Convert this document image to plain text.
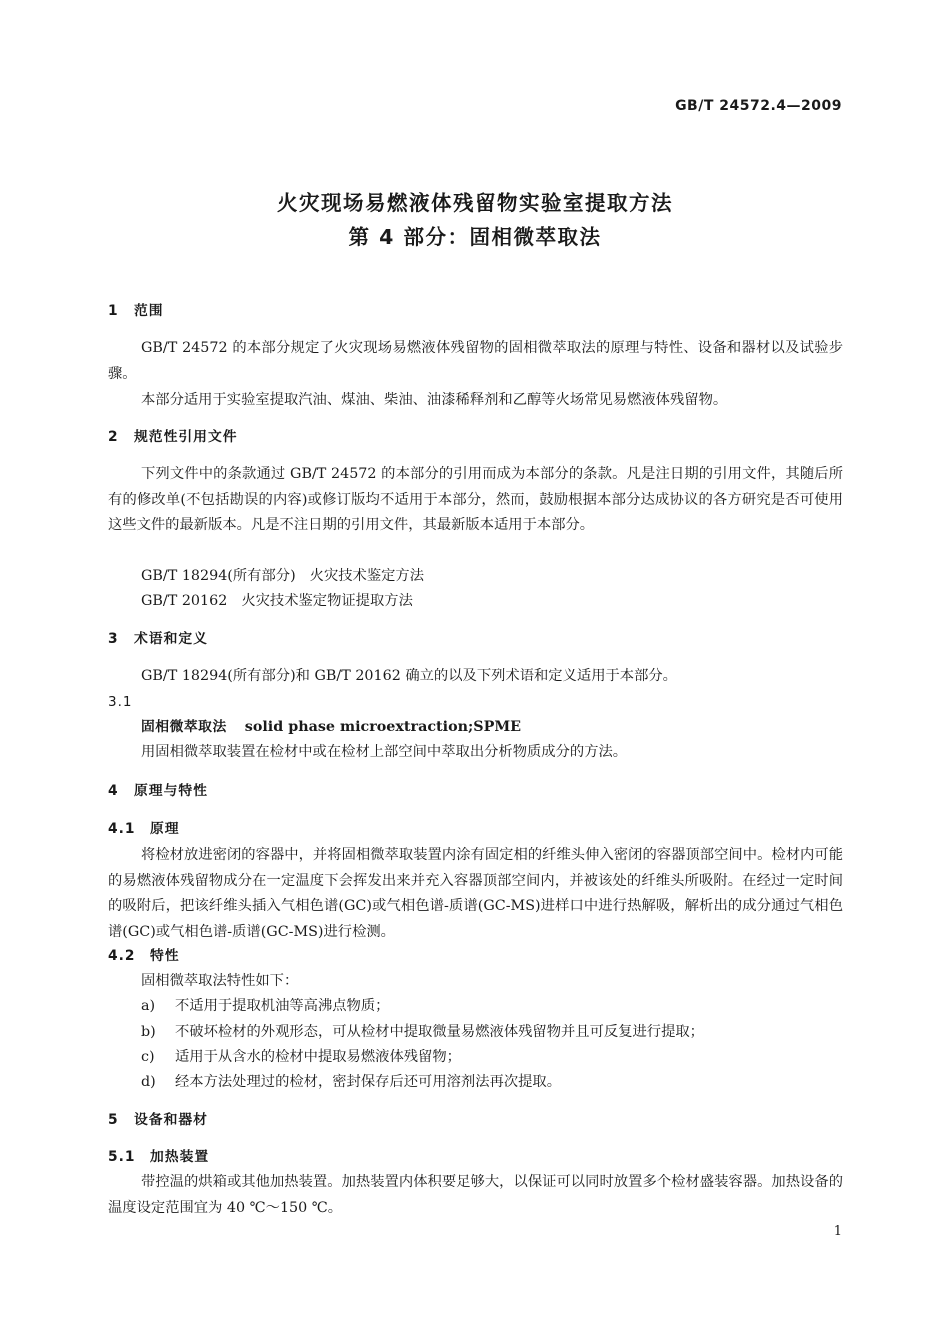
GB/T 24572.4—2009
火灾现场易燃液体残留物实验室提取方法
第 4 部分：固相微萃取法
1 范围
GB/T 24572 的本部分规定了火灾现场易燃液体残留物的固相微萃取法的原理与特性、设备和器材以及试验步骤。
本部分适用于实验室提取汽油、煤油、柴油、油漆稀释剂和乙醇等火场常见易燃液体残留物。
2 规范性引用文件
下列文件中的条款通过 GB/T 24572 的本部分的引用而成为本部分的条款。凡是注日期的引用文件，其随后所有的修改单(不包括勘误的内容)或修订版均不适用于本部分，然而，鼓励根据本部分达成协议的各方研究是否可使用这些文件的最新版本。凡是不注日期的引用文件，其最新版本适用于本部分。
GB/T 18294(所有部分) 火灾技术鉴定方法
GB/T 20162 火灾技术鉴定物证提取方法
3 术语和定义
GB/T 18294(所有部分)和 GB/T 20162 确立的以及下列术语和定义适用于本部分。
3.1
固相微萃取法 solid phase microextraction;SPME
用固相微萃取装置在检材中或在检材上部空间中萃取出分析物质成分的方法。
4 原理与特性
4.1 原理
将检材放进密闭的容器中，并将固相微萃取装置内涂有固定相的纤维头伸入密闭的容器顶部空间中。检材内可能的易燃液体残留物成分在一定温度下会挥发出来并充入容器顶部空间内，并被该处的纤维头所吸附。在经过一定时间的吸附后，把该纤维头插入气相色谱(GC)或气相色谱-质谱(GC-MS)进样口中进行热解吸，解析出的成分通过气相色谱(GC)或气相色谱-质谱(GC-MS)进行检测。
4.2 特性
固相微萃取法特性如下：
a) 不适用于提取机油等高沸点物质；
b) 不破坏检材的外观形态，可从检材中提取微量易燃液体残留物并且可反复进行提取；
c) 适用于从含水的检材中提取易燃液体残留物；
d) 经本方法处理过的检材，密封保存后还可用溶剂法再次提取。
5 设备和器材
5.1 加热装置
带控温的烘箱或其他加热装置。加热装置内体积要足够大，以保证可以同时放置多个检材盛装容器。加热设备的温度设定范围宜为 40 ℃～150 ℃。
1
